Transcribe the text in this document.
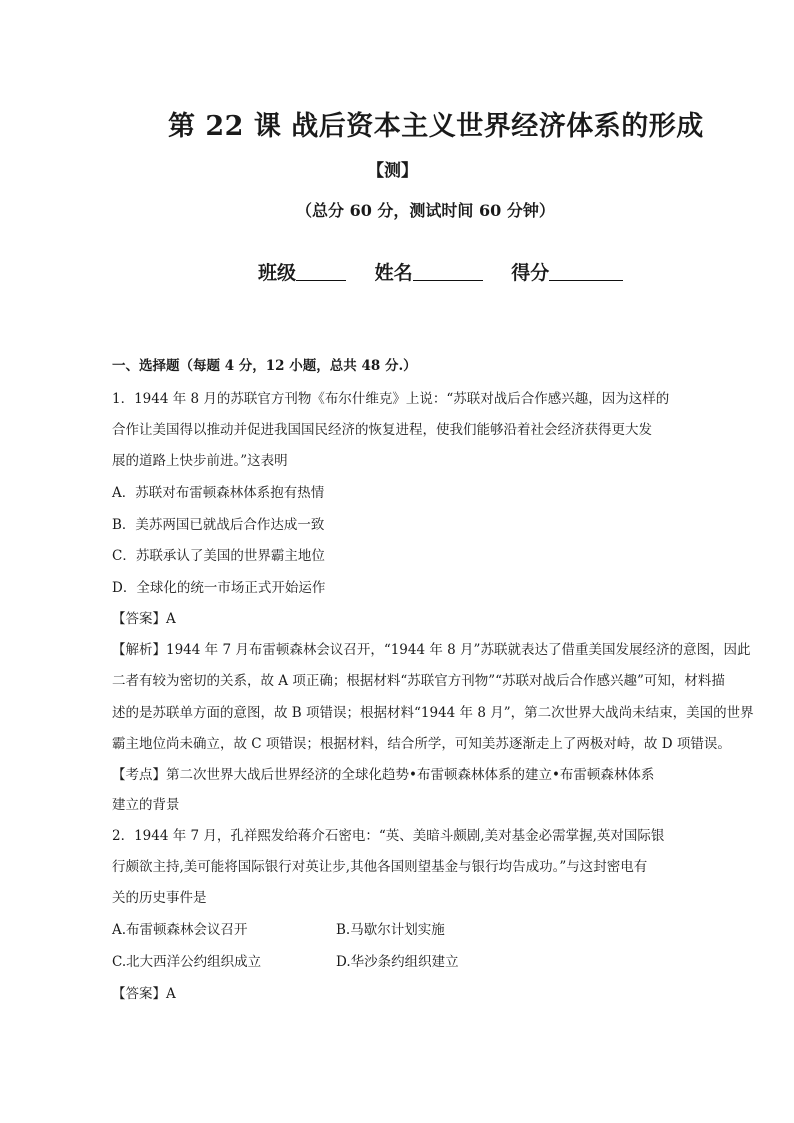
第 22 课 战后资本主义世界经济体系的形成
【测】
（总分 60 分，测试时间 60 分钟）
班级	姓名	得分
一、选择题（每题 4 分，12 小题，总共 48 分.）
1．1944 年 8 月的苏联官方刊物《布尔什维克》上说：“苏联对战后合作感兴趣，因为这样的
合作让美国得以推动并促进我国国民经济的恢复进程，使我们能够沿着社会经济获得更大发
展的道路上快步前进。”这表明
A．苏联对布雷顿森林体系抱有热情
B．美苏两国已就战后合作达成一致
C．苏联承认了美国的世界霸主地位
D．全球化的统一市场正式开始运作
【答案】A
【解析】1944 年 7 月布雷顿森林会议召开，“1944 年 8 月”苏联就表达了借重美国发展经济的意图，因此
二者有较为密切的关系，故 A 项正确；根据材料“苏联官方刊物”“苏联对战后合作感兴趣”可知，材料描
述的是苏联单方面的意图，故 B 项错误；根据材料“1944 年 8 月”，第二次世界大战尚未结束，美国的世界
霸主地位尚未确立，故 C 项错误；根据材料，结合所学，可知美苏逐渐走上了两极对峙，故 D 项错误。
【考点】第二次世界大战后世界经济的全球化趋势•布雷顿森林体系的建立•布雷顿森林体系
建立的背景
2．1944 年 7 月，孔祥熙发给蒋介石密电：“英、美暗斗颇剧,美对基金必需掌握,英对国际银
行颇欲主持,美可能将国际银行对英让步,其他各国则望基金与银行均告成功。”与这封密电有
关的历史事件是
A.布雷顿森林会议召开	B.马歇尔计划实施
C.北大西洋公约组织成立	D.华沙条约组织建立
【答案】A
